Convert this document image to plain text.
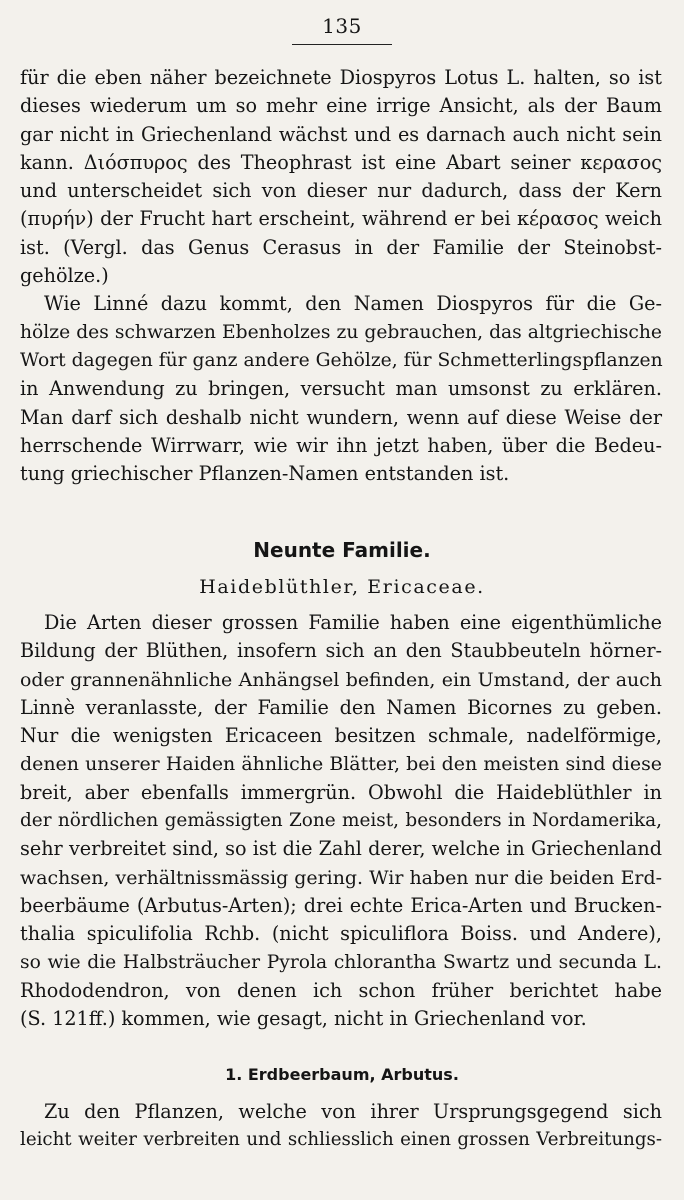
135
für die eben näher bezeichnete Diospyros Lotus L. halten, so ist
dieses wiederum um so mehr eine irrige Ansicht, als der Baum
gar nicht in Griechenland wächst und es darnach auch nicht sein
kann. Διόσπυρος des Theophrast ist eine Abart seiner κερασος
und unterscheidet sich von dieser nur dadurch, dass der Kern
(πυρήν) der Frucht hart erscheint, während er bei κέρασος weich
ist. (Vergl. das Genus Cerasus in der Familie der Steinobst-
gehölze.)
Wie Linné dazu kommt, den Namen Diospyros für die Ge-
hölze des schwarzen Ebenholzes zu gebrauchen, das altgriechische
Wort dagegen für ganz andere Gehölze, für Schmetterlingspflanzen
in Anwendung zu bringen, versucht man umsonst zu erklären.
Man darf sich deshalb nicht wundern, wenn auf diese Weise der
herrschende Wirrwarr, wie wir ihn jetzt haben, über die Bedeu-
tung griechischer Pflanzen-Namen entstanden ist.
Neunte Familie.
Haideblüthler, Ericaceae.
Die Arten dieser grossen Familie haben eine eigenthümliche
Bildung der Blüthen, insofern sich an den Staubbeuteln hörner-
oder grannenähnliche Anhängsel befinden, ein Umstand, der auch
Linnè veranlasste, der Familie den Namen Bicornes zu geben.
Nur die wenigsten Ericaceen besitzen schmale, nadelförmige,
denen unserer Haiden ähnliche Blätter, bei den meisten sind diese
breit, aber ebenfalls immergrün. Obwohl die Haideblüthler in
der nördlichen gemässigten Zone meist, besonders in Nordamerika,
sehr verbreitet sind, so ist die Zahl derer, welche in Griechenland
wachsen, verhältnissmässig gering. Wir haben nur die beiden Erd-
beerbäume (Arbutus-Arten); drei echte Erica-Arten und Brucken-
thalia spiculifolia Rchb. (nicht spiculiflora Boiss. und Andere),
so wie die Halbsträucher Pyrola chlorantha Swartz und secunda L.
Rhododendron, von denen ich schon früher berichtet habe
(S. 121ff.) kommen, wie gesagt, nicht in Griechenland vor.
1. Erdbeerbaum, Arbutus.
Zu den Pflanzen, welche von ihrer Ursprungsgegend sich
leicht weiter verbreiten und schliesslich einen grossen Verbreitungs-
